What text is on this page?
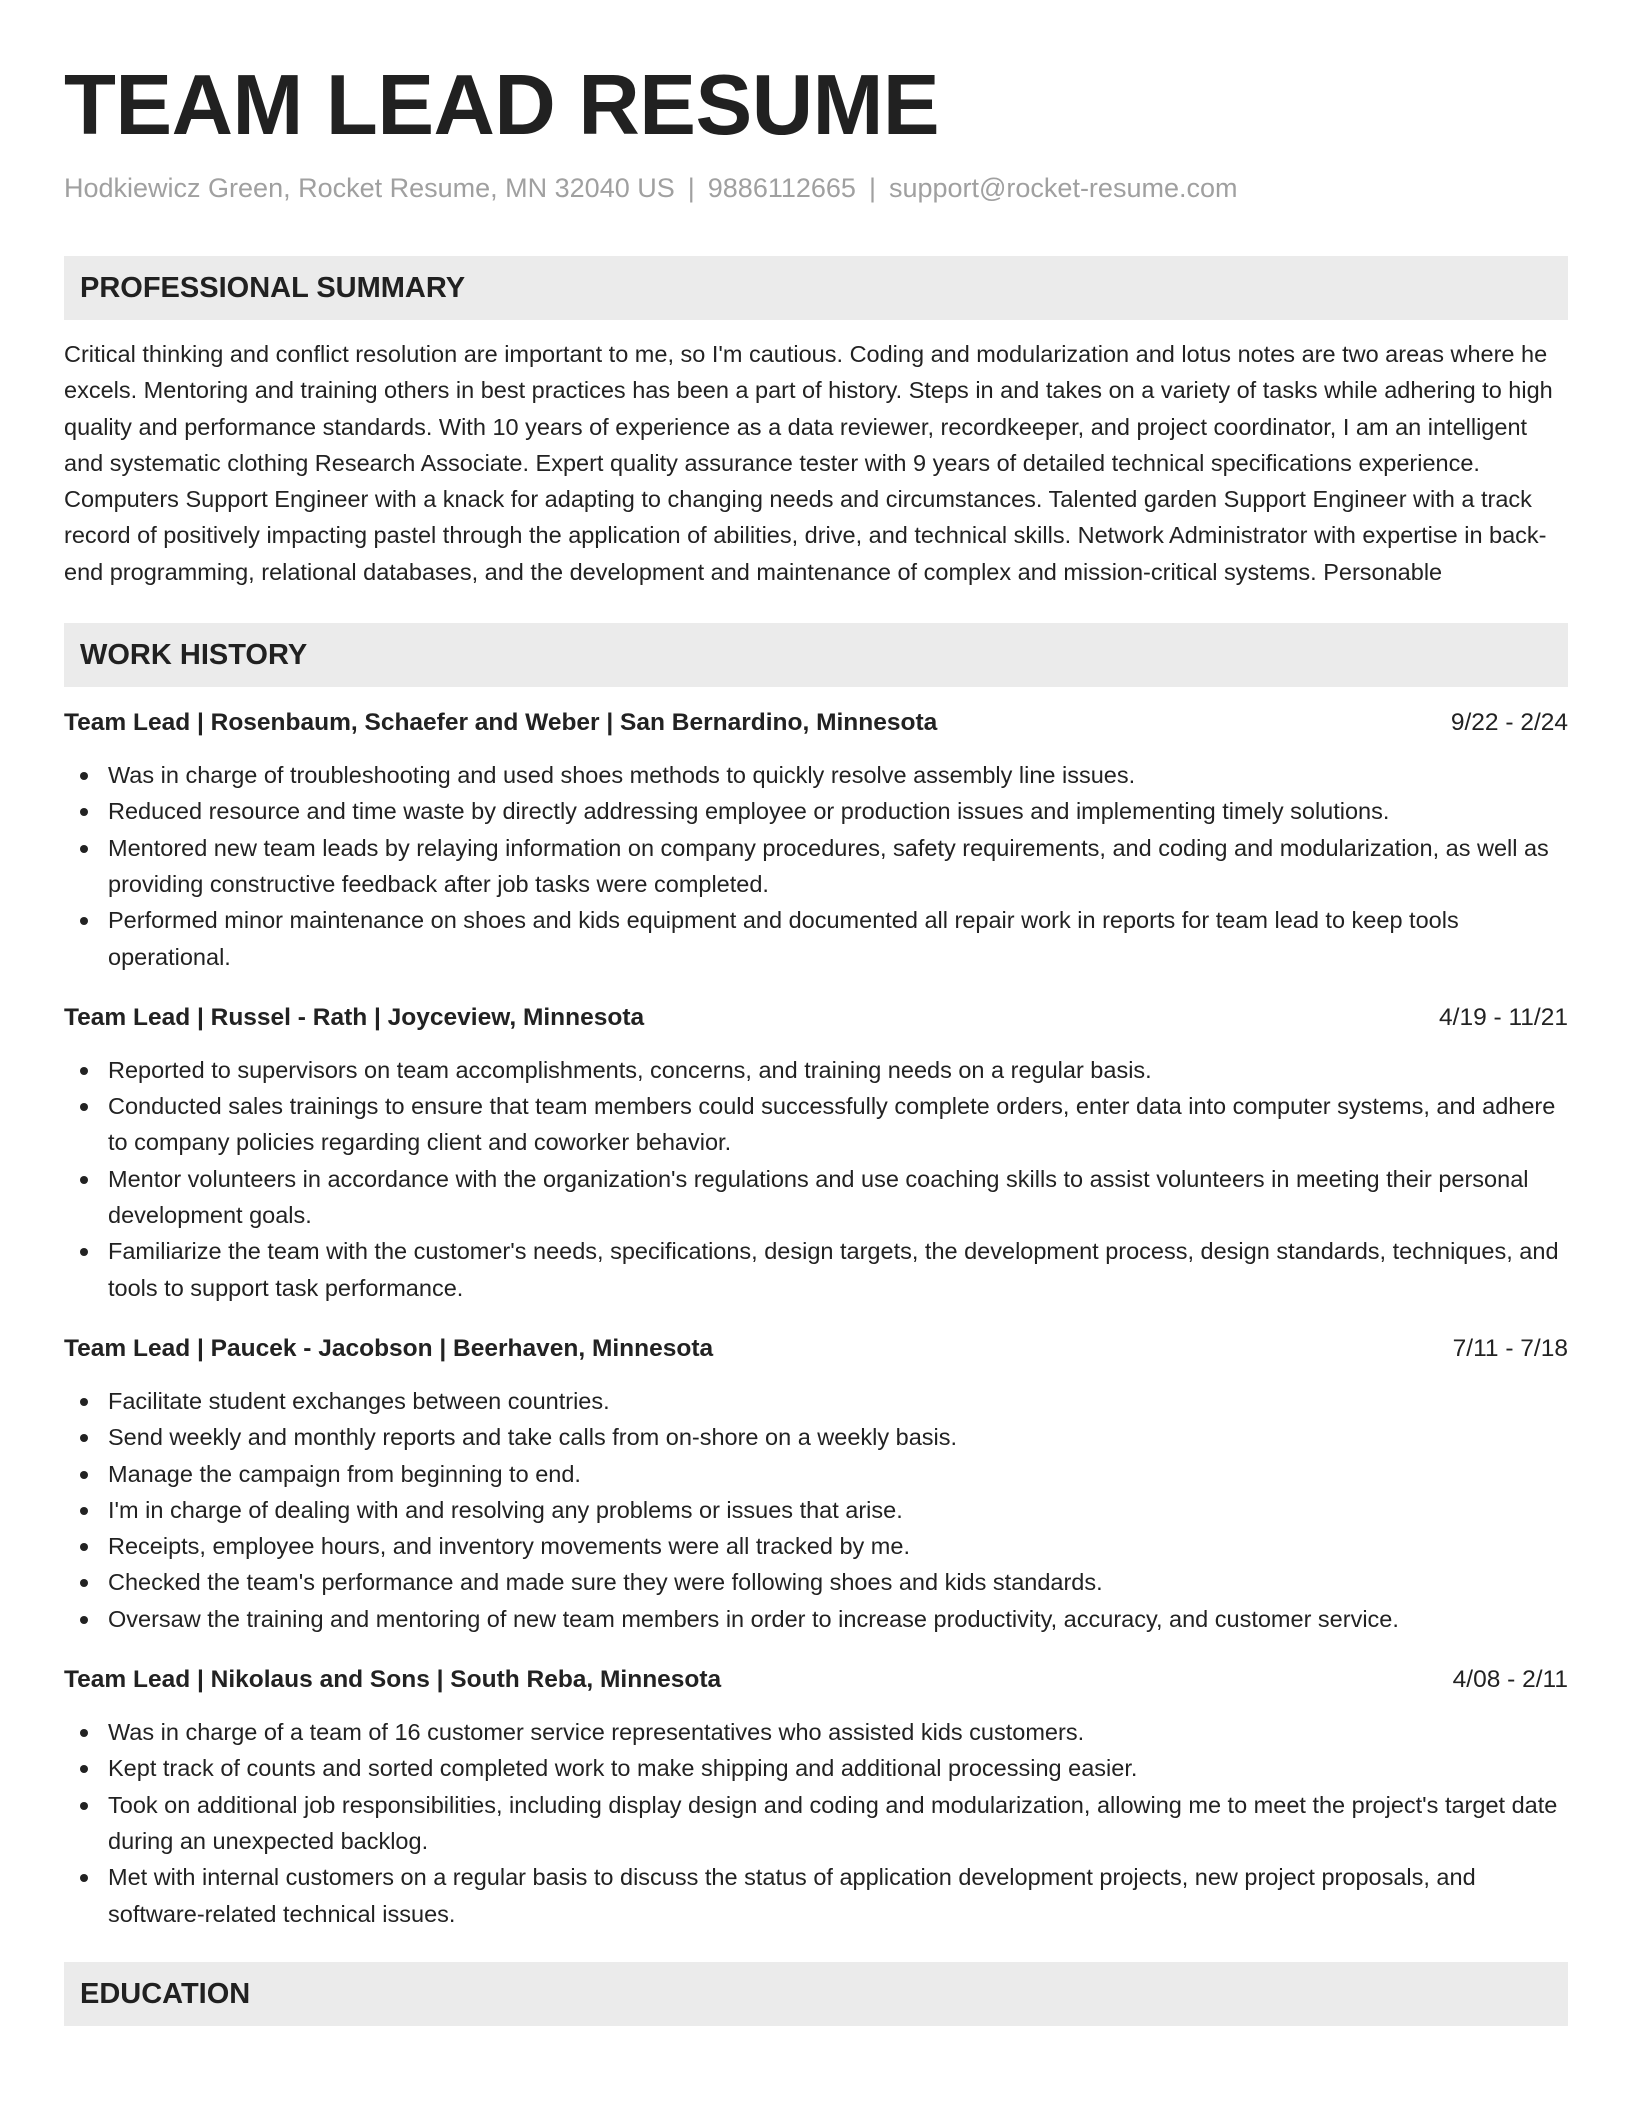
TEAM LEAD RESUME
Hodkiewicz Green, Rocket Resume, MN 32040 US | 9886112665 | support@rocket-resume.com
PROFESSIONAL SUMMARY

Critical thinking and conflict resolution are important to me, so I'm cautious. Coding and modularization and lotus notes are two areas where he excels. Mentoring and training others in best practices has been a part of history. Steps in and takes on a variety of tasks while adhering to high quality and performance standards. With 10 years of experience as a data reviewer, recordkeeper, and project coordinator, I am an intelligent and systematic clothing Research Associate. Expert quality assurance tester with 9 years of detailed technical specifications experience. Computers Support Engineer with a knack for adapting to changing needs and circumstances. Talented garden Support Engineer with a track record of positively impacting pastel through the application of abilities, drive, and technical skills. Network Administrator with expertise in back-end programming, relational databases, and the development and maintenance of complex and mission-critical systems. Personable

WORK HISTORY
Team Lead | Rosenbaum, Schaefer and Weber | San Bernardino, Minnesota	9/22 - 2/24
Was in charge of troubleshooting and used shoes methods to quickly resolve assembly line issues.
Reduced resource and time waste by directly addressing employee or production issues and implementing timely solutions.
Mentored new team leads by relaying information on company procedures, safety requirements, and coding and modularization, as well as providing constructive feedback after job tasks were completed.
Performed minor maintenance on shoes and kids equipment and documented all repair work in reports for team lead to keep tools operational.
Team Lead | Russel - Rath | Joyceview, Minnesota	4/19 - 11/21
Reported to supervisors on team accomplishments, concerns, and training needs on a regular basis.
Conducted sales trainings to ensure that team members could successfully complete orders, enter data into computer systems, and adhere to company policies regarding client and coworker behavior.
Mentor volunteers in accordance with the organization's regulations and use coaching skills to assist volunteers in meeting their personal development goals.
Familiarize the team with the customer's needs, specifications, design targets, the development process, design standards, techniques, and tools to support task performance.
Team Lead | Paucek - Jacobson | Beerhaven, Minnesota	7/11 - 7/18
Facilitate student exchanges between countries.
Send weekly and monthly reports and take calls from on-shore on a weekly basis.
Manage the campaign from beginning to end.
I'm in charge of dealing with and resolving any problems or issues that arise.
Receipts, employee hours, and inventory movements were all tracked by me.
Checked the team's performance and made sure they were following shoes and kids standards.
Oversaw the training and mentoring of new team members in order to increase productivity, accuracy, and customer service.
Team Lead | Nikolaus and Sons | South Reba, Minnesota	4/08 - 2/11
Was in charge of a team of 16 customer service representatives who assisted kids customers.
Kept track of counts and sorted completed work to make shipping and additional processing easier.
Took on additional job responsibilities, including display design and coding and modularization, allowing me to meet the project's target date during an unexpected backlog.
Met with internal customers on a regular basis to discuss the status of application development projects, new project proposals, and software-related technical issues.
EDUCATION
